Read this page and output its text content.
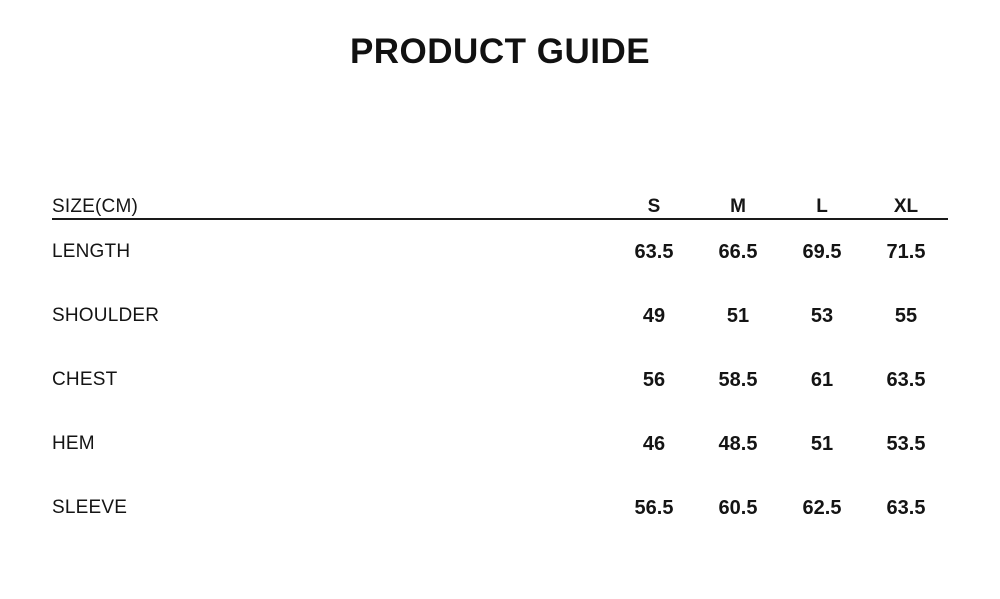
PRODUCT GUIDE
SIZE(CM)	S	M	L	XL

LENGTH	63.5	66.5	69.5	71.5
SHOULDER	49	51	53	55
CHEST	56	58.5	61	63.5
HEM	46	48.5	51	53.5
SLEEVE	56.5	60.5	62.5	63.5
